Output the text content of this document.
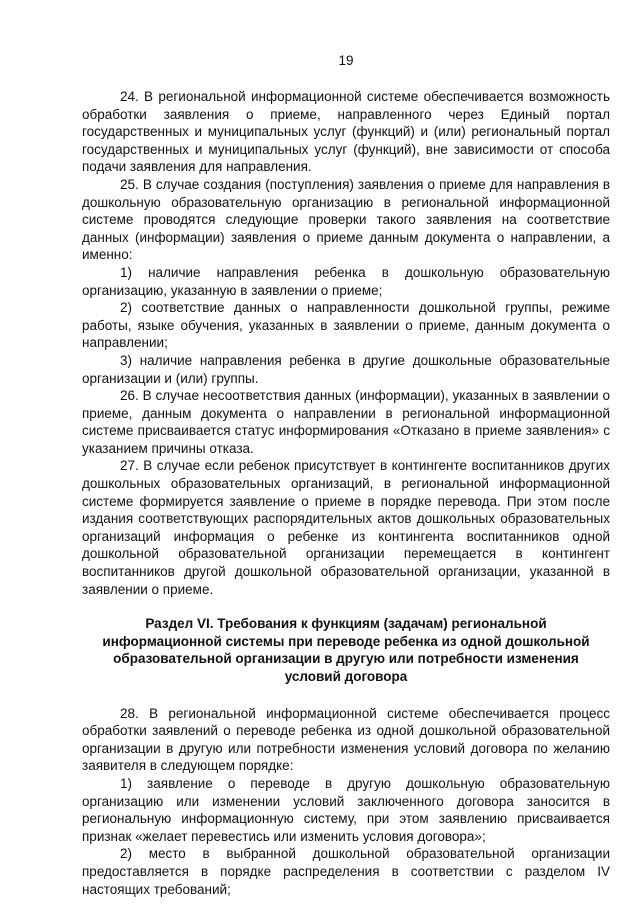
19

24. В региональной информационной системе обеспечивается возможность обработки заявления о приеме, направленного через Единый портал государственных и муниципальных услуг (функций) и (или) региональный портал государственных и муниципальных услуг (функций), вне зависимости от способа подачи заявления для направления.

25. В случае создания (поступления) заявления о приеме для направления в дошкольную образовательную организацию в региональной информационной системе проводятся следующие проверки такого заявления на соответствие данных (информации) заявления о приеме данным документа о направлении, а именно:

1) наличие направления ребенка в дошкольную образовательную организацию, указанную в заявлении о приеме;

2) соответствие данных о направленности дошкольной группы, режиме работы, языке обучения, указанных в заявлении о приеме, данным документа о направлении;

3) наличие направления ребенка в другие дошкольные образовательные организации и (или) группы.

26. В случае несоответствия данных (информации), указанных в заявлении о приеме, данным документа о направлении в региональной информационной системе присваивается статус информирования «Отказано в приеме заявления» с указанием причины отказа.

27. В случае если ребенок присутствует в контингенте воспитанников других дошкольных образовательных организаций, в региональной информационной системе формируется заявление о приеме в порядке перевода. При этом после издания соответствующих распорядительных актов дошкольных образовательных организаций информация о ребенке из контингента воспитанников одной дошкольной образовательной организации перемещается в контингент воспитанников другой дошкольной образовательной организации, указанной в заявлении о приеме.

Раздел VI. Требования к функциям (задачам) региональной информационной системы при переводе ребенка из одной дошкольной образовательной организации в другую или потребности изменения условий договора

28. В региональной информационной системе обеспечивается процесс обработки заявлений о переводе ребенка из одной дошкольной образовательной организации в другую или потребности изменения условий договора по желанию заявителя в следующем порядке:

1) заявление о переводе в другую дошкольную образовательную организацию или изменении условий заключенного договора заносится в региональную информационную систему, при этом заявлению присваивается признак «желает перевестись или изменить условия договора»;

2) место в выбранной дошкольной образовательной организации предоставляется в порядке распределения в соответствии с разделом IV настоящих требований;
